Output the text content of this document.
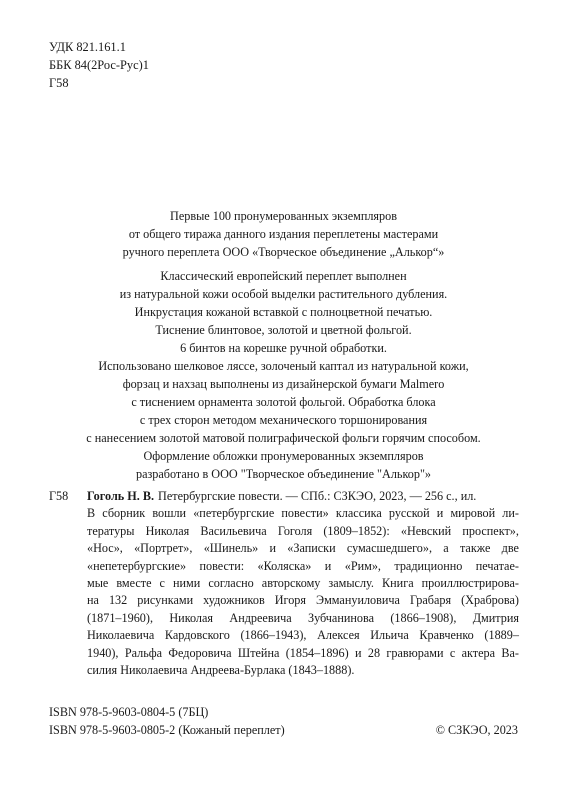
УДК 821.161.1
ББК 84(2Рос-Рус)1
Г58
Первые 100 пронумерованных экземпляров
от общего тиража данного издания переплетены мастерами
ручного переплета ООО «Творческое объединение „Алькор“»
Классический европейский переплет выполнен
из натуральной кожи особой выделки растительного дубления.
Инкрустация кожаной вставкой с полноцветной печатью.
Тиснение блинтовое, золотой и цветной фольгой.
6 бинтов на корешке ручной обработки.
Использовано шелковое ляссе, золоченый каптал из натуральной кожи,
форзац и нахзац выполнены из дизайнерской бумаги Malmero
с тиснением орнамента золотой фольгой. Обработка блока
с трех сторон методом механического торшонирования
с нанесением золотой матовой полиграфической фольги горячим способом.
Оформление обложки пронумерованных экземпляров
разработано в ООО "Творческое объединение "Алькор"»
Г58 Гоголь Н. В. Петербургские повести. — СПб.: СЗКЭО, 2023, — 256 с., ил.
В сборник вошли «петербургские повести» классика русской и мировой ли-
тературы Николая Васильевича Гоголя (1809–1852): «Невский проспект»,
«Нос», «Портрет», «Шинель» и «Записки сумасшедшего», а также две
«непетербургские» повести: «Коляска» и «Рим», традиционно печатае-
мые вместе с ними согласно авторскому замыслу. Книга проиллюстрирова-
на 132 рисунками художников Игоря Эммануиловича Грабаря (Храброва)
(1871–1960), Николая Андреевича Зубчанинова (1866–1908), Дмитрия
Николаевича Кардовского (1866–1943), Алексея Ильича Кравченко (1889–
1940), Ральфа Федоровича Штейна (1854–1896) и 28 гравюрами с актера Ва-
силия Николаевича Андреева-Бурлака (1843–1888).
ISBN 978-5-9603-0804-5 (7БЦ)
ISBN 978-5-9603-0805-2 (Кожаный переплет)	© СЗКЭО, 2023
